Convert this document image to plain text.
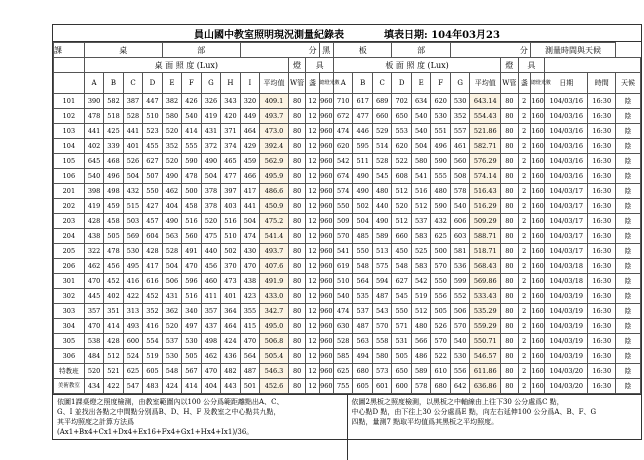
員山國中教室照明現況測量紀錄表	填表日期: 104年03月23
課	桌				部				分				黑	板			部			分				測量時間與天候			
	桌 面 照 度 (Lux)										燈	具		板 面 照 度 (Lux)								燈	具				
	A	B	C	D	E	F	G	H	I	平均值	W管	盞	總燈光數	A	B	C	D	E	F	G	平均值	W管	盞	總燈光數	日期	時間	天候
101	390	582	387	447	382	426	326	343	320	409.1	80	12	960	710	617	689	702	634	620	530	643.14	80	2	160	104/03/16	16:30	陰
102	478	518	528	510	580	540	419	420	449	493.7	80	12	960	672	477	660	650	540	530	352	554.43	80	2	160	104/03/16	16:30	陰
103	441	425	441	523	520	414	431	371	464	473.0	80	12	960	474	446	529	553	540	551	557	521.86	80	2	160	104/03/16	16:30	陰
104	402	339	401	455	352	555	372	374	429	392.4	80	12	960	620	595	514	620	504	496	461	582.71	80	2	160	104/03/16	16:30	陰
105	645	468	526	627	520	590	490	465	459	562.9	80	12	960	542	511	528	522	580	590	560	576.29	80	2	160	104/03/16	16:30	陰
106	540	496	504	507	490	478	504	477	466	495.9	80	12	960	674	490	545	608	541	555	508	574.14	80	2	160	104/03/16	16:30	陰
201	398	498	432	550	462	500	378	397	417	486.6	80	12	960	574	490	480	512	516	480	578	516.43	80	2	160	104/03/17	16:30	陰
202	419	459	515	427	404	458	378	403	441	450.9	80	12	960	550	502	440	520	512	590	540	516.29	80	2	160	104/03/17	16:30	陰
203	428	458	503	457	490	516	520	516	504	475.2	80	12	960	509	504	490	512	537	432	606	509.29	80	2	160	104/03/17	16:30	陰
204	438	505	569	604	563	560	475	510	474	541.4	80	12	960	570	485	589	660	583	625	603	588.71	80	2	160	104/03/17	16:30	陰
205	322	478	530	428	528	491	440	502	430	493.7	80	12	960	541	550	513	450	525	500	581	518.71	80	2	160	104/03/17	16:30	陰
206	462	456	495	417	504	470	456	370	470	407.6	80	12	960	619	548	575	548	583	570	536	568.43	80	2	160	104/03/18	16:30	陰
301	470	452	416	616	506	596	460	473	438	491.9	80	12	960	510	564	594	627	542	550	599	569.86	80	2	160	104/03/18	16:30	陰
302	445	402	422	452	431	516	411	401	423	433.0	80	12	960	540	535	487	545	519	556	552	533.43	80	2	160	104/03/19	16:30	陰
303	357	351	313	352	362	340	357	364	355	342.7	80	12	960	474	537	543	550	512	505	506	535.29	80	2	160	104/03/19	16:30	陰
304	470	414	493	416	520	497	437	464	415	495.0	80	12	960	630	487	570	571	480	526	570	559.29	80	2	160	104/03/19	16:30	陰
305	538	428	600	554	537	530	498	424	470	506.8	80	12	960	528	563	558	531	566	570	540	550.71	80	2	160	104/03/19	16:30	陰
306	484	512	524	519	530	505	462	436	564	505.4	80	12	960	585	494	580	505	486	522	530	546.57	80	2	160	104/03/19	16:30	陰
特教班	520	521	625	605	548	567	470	482	487	546.3	80	12	960	625	680	573	650	589	610	556	611.86	80	2	160	104/03/20	16:30	陰
美術教室	434	422	547	483	424	414	404	443	501	452.6	80	12	960	755	605	601	600	578	680	642	636.86	80	2	160	104/03/20	16:30	陰
依圖1課桌燈之照度檢測，由教室範圍內以100 公分爲範距離點出A、C、
G、I 並找出各點之中間點分別爲B、D、H、F 及教室之中心點共九點，
其平均照度之計算方法爲
(Ax1+Bx4+Cx1+Dx4+Ex16+Fx4+Gx1+Hx4+Ix1)/36。
依圖2黑板之照度檢測，以黑板之中軸線由上往下30 公分處爲C 點，
中心點D 點，由下往上30 公分處爲E 點，向左右延伸100 公分爲A、B、F、G
四點，量測7 點取平均值爲其黑板之平均照度。
